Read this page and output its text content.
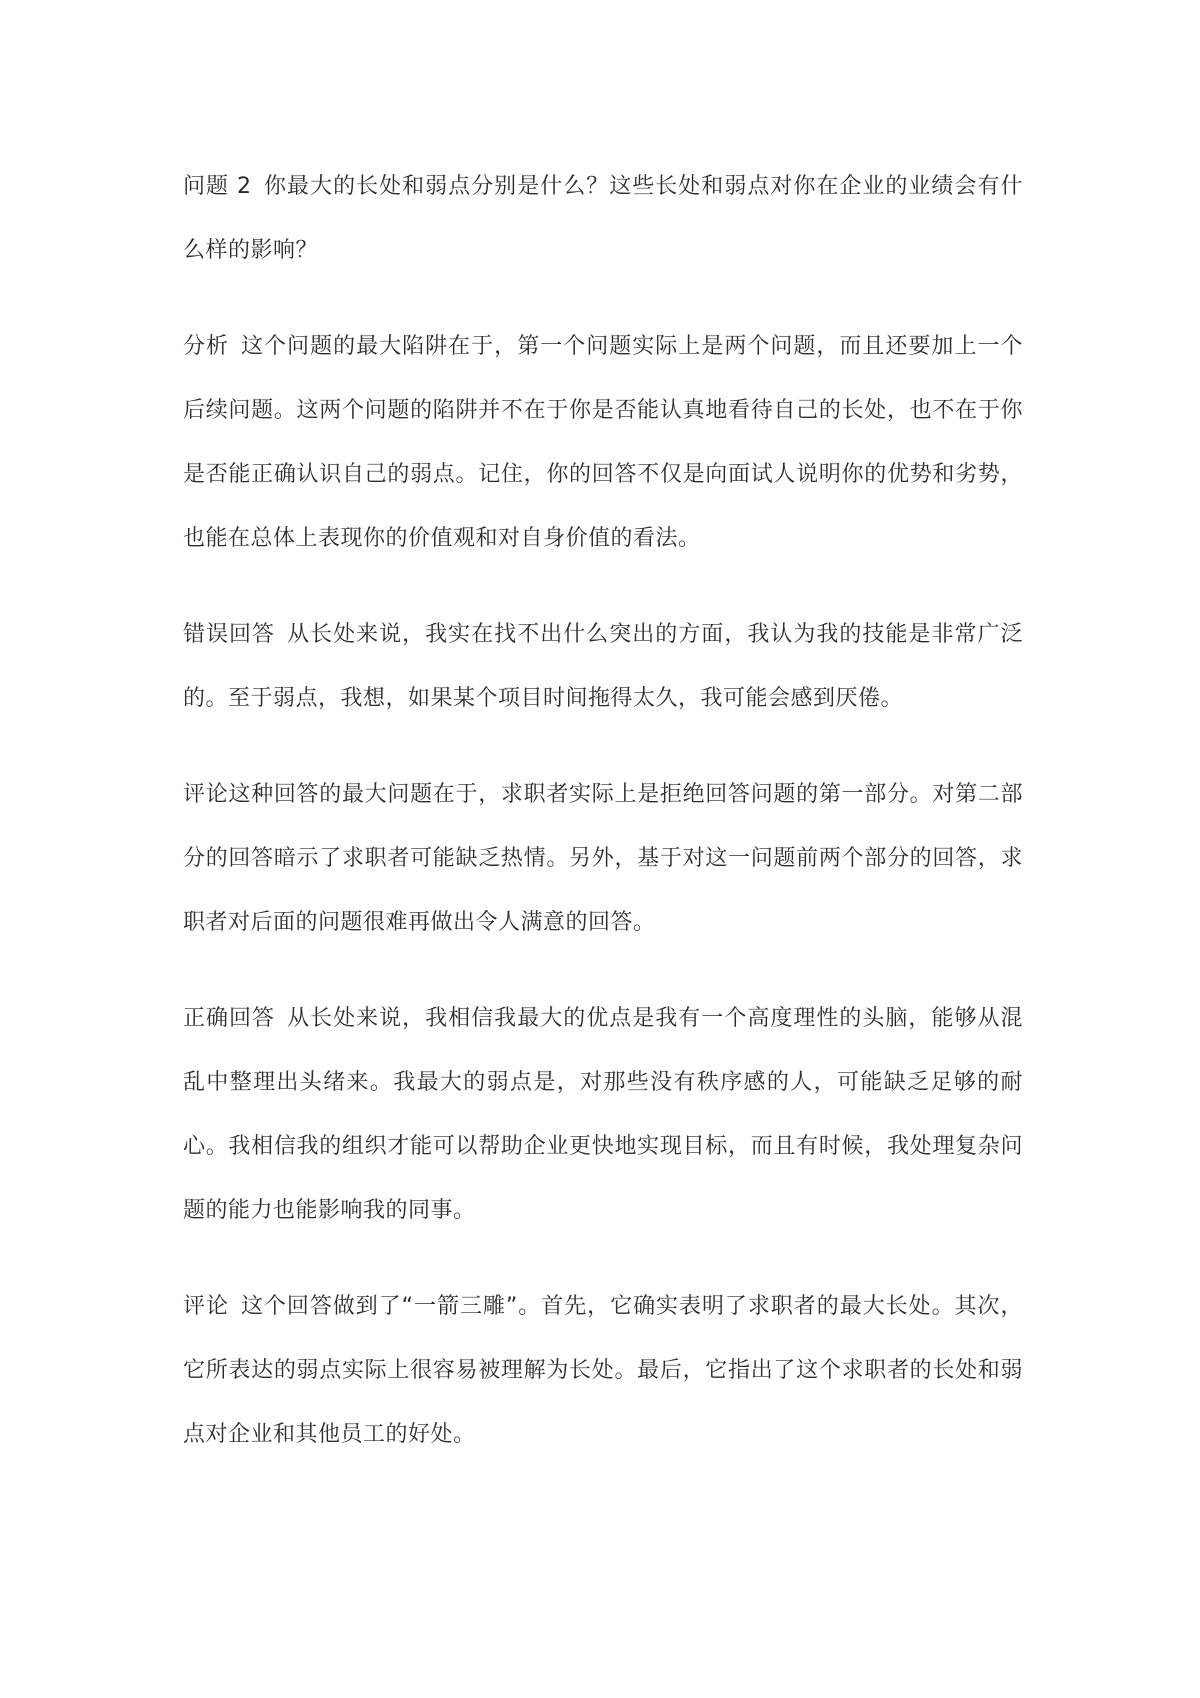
问题 2 你最大的长处和弱点分别是什么？这些长处和弱点对你在企业的业绩会有什么样的影响？

分析 这个问题的最大陷阱在于，第一个问题实际上是两个问题，而且还要加上一个后续问题。这两个问题的陷阱并不在于你是否能认真地看待自己的长处，也不在于你是否能正确认识自己的弱点。记住，你的回答不仅是向面试人说明你的优势和劣势，也能在总体上表现你的价值观和对自身价值的看法。

错误回答 从长处来说，我实在找不出什么突出的方面，我认为我的技能是非常广泛的。至于弱点，我想，如果某个项目时间拖得太久，我可能会感到厌倦。

评论这种回答的最大问题在于，求职者实际上是拒绝回答问题的第一部分。对第二部分的回答暗示了求职者可能缺乏热情。另外，基于对这一问题前两个部分的回答，求职者对后面的问题很难再做出令人满意的回答。

正确回答 从长处来说，我相信我最大的优点是我有一个高度理性的头脑，能够从混乱中整理出头绪来。我最大的弱点是，对那些没有秩序感的人，可能缺乏足够的耐心。我相信我的组织才能可以帮助企业更快地实现目标，而且有时候，我处理复杂问题的能力也能影响我的同事。

评论 这个回答做到了“一箭三雕”。首先，它确实表明了求职者的最大长处。其次，它所表达的弱点实际上很容易被理解为长处。最后，它指出了这个求职者的长处和弱点对企业和其他员工的好处。
